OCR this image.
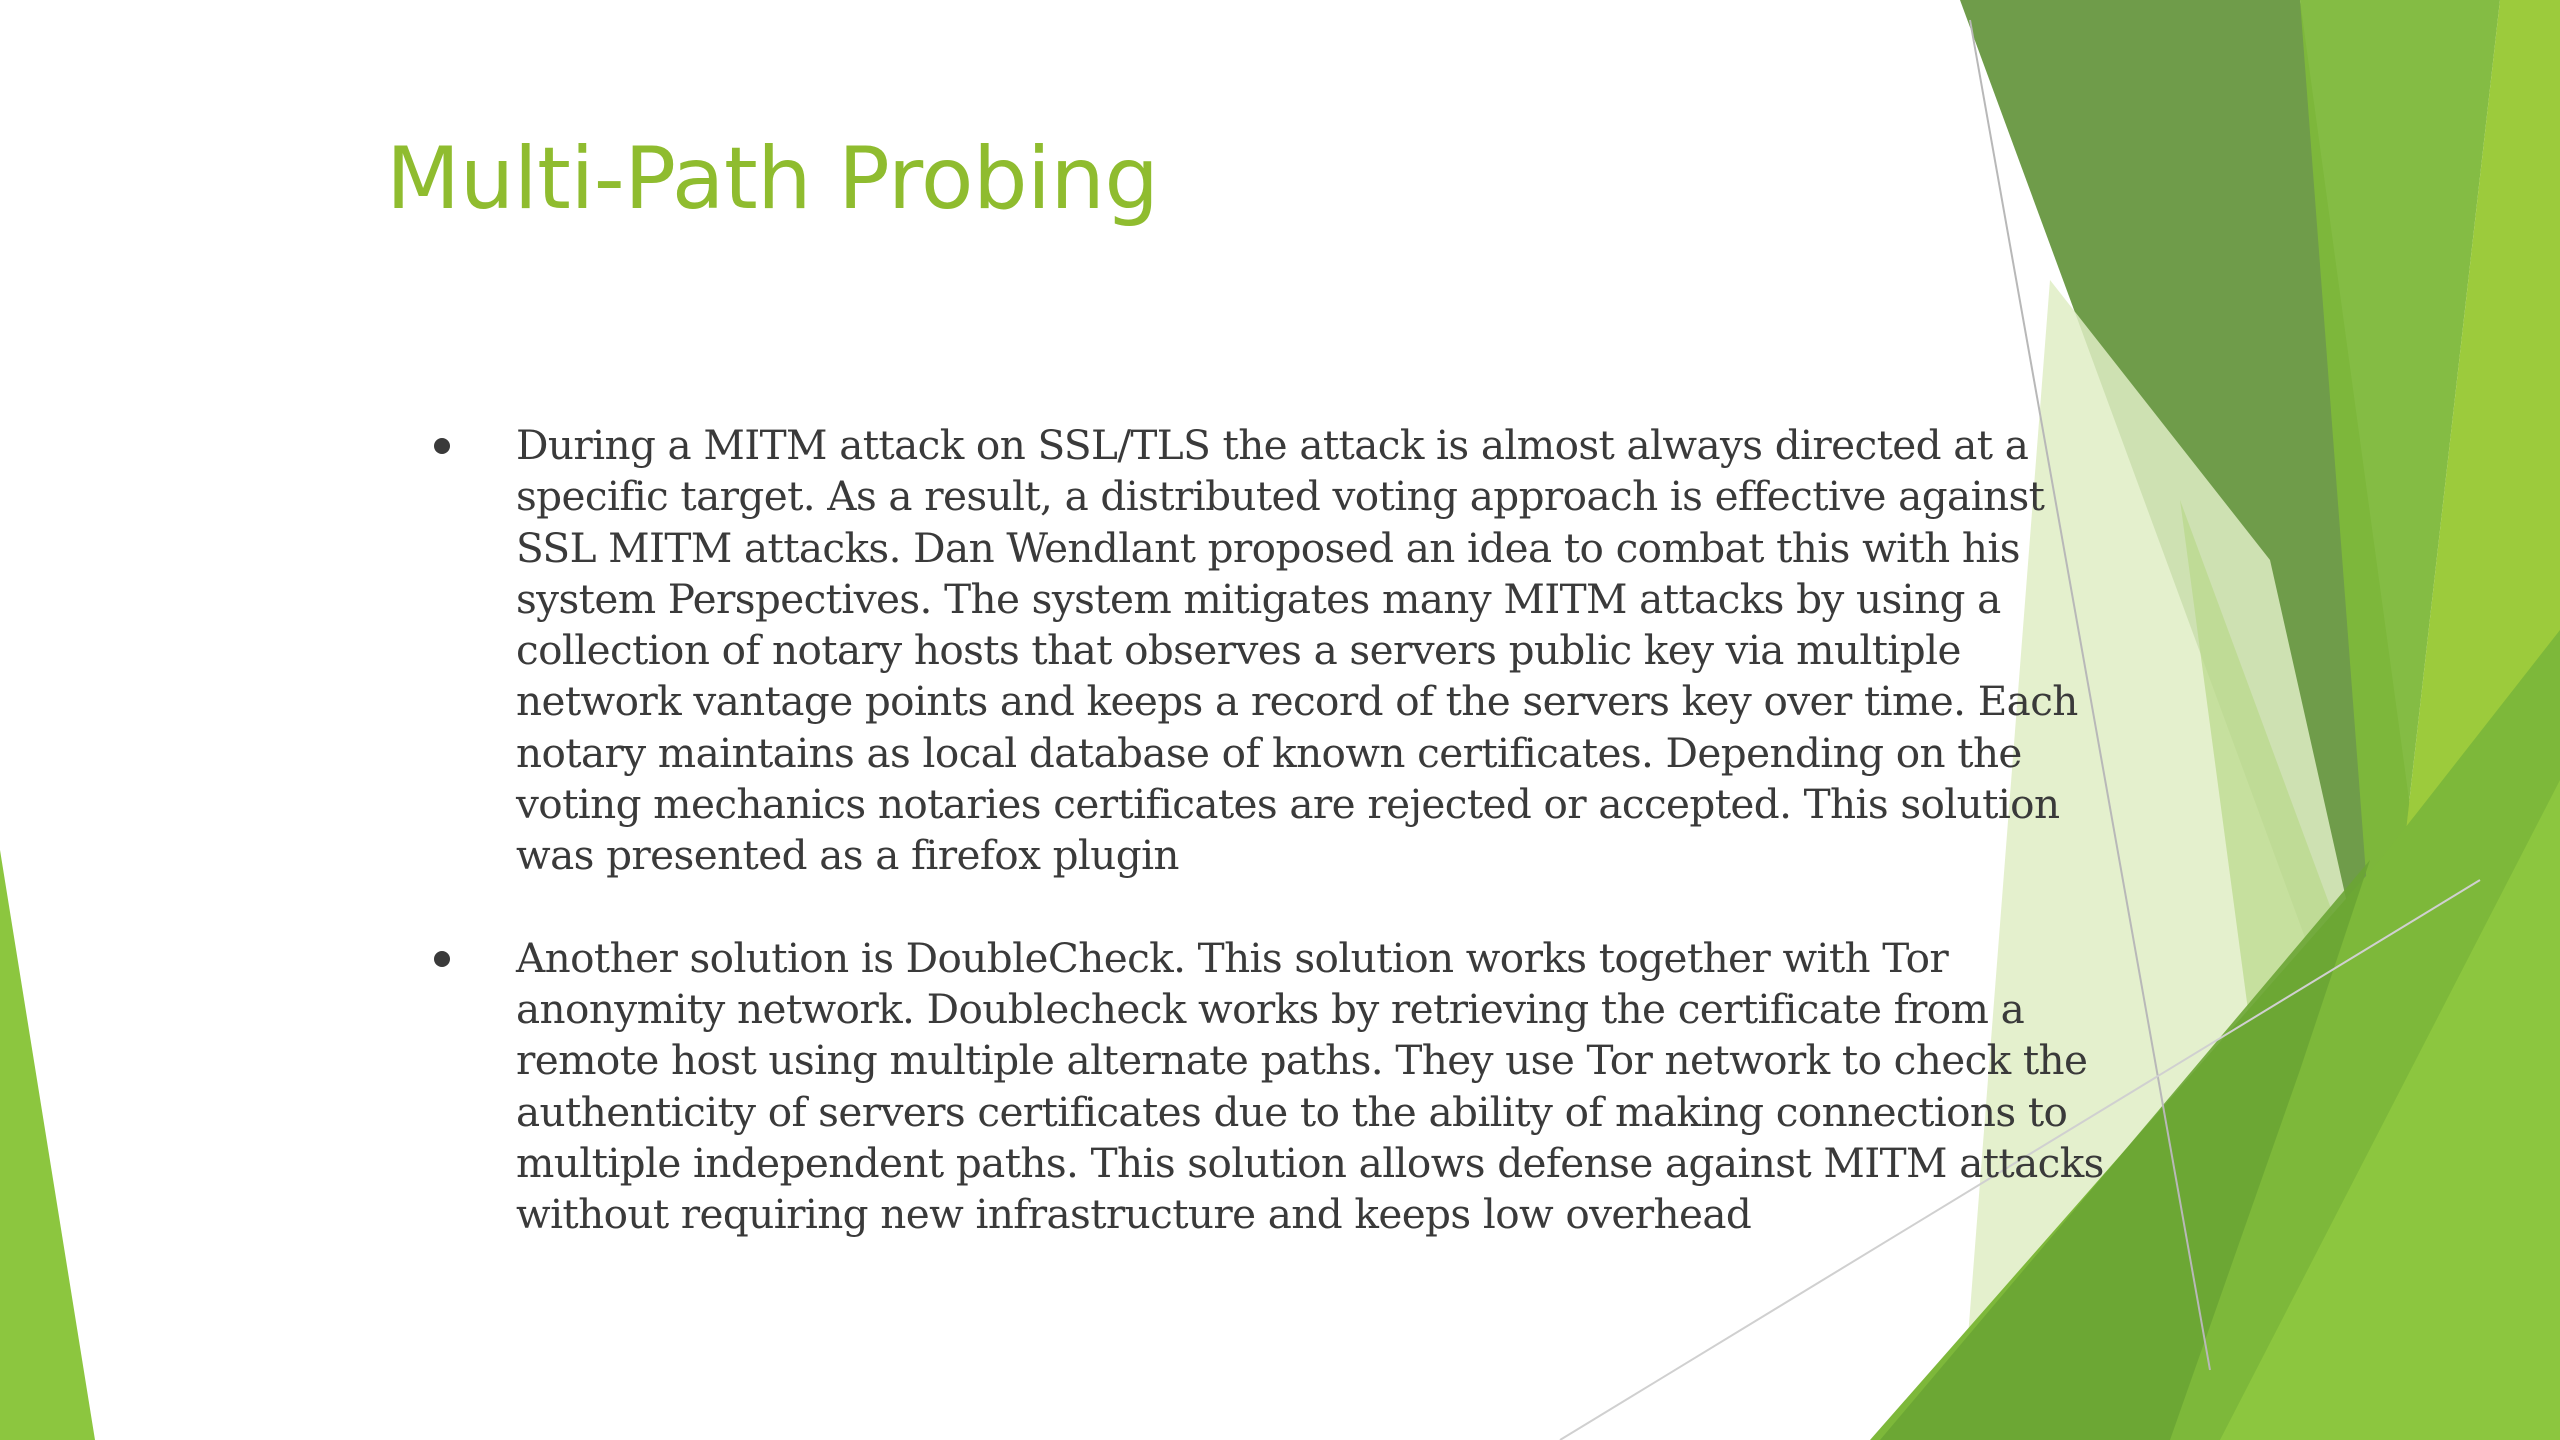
Multi-Path Probing
During a MITM attack on SSL/TLS the attack is almost always directed at a specific target. As a result, a distributed voting approach is effective against SSL MITM attacks. Dan Wendlant proposed an idea to combat this with his system Perspectives. The system mitigates many MITM attacks by using a collection of notary hosts that observes a servers public key via multiple network vantage points and keeps a record of the servers key over time. Each notary maintains as local database of known certificates. Depending on the voting mechanics notaries certificates are rejected or accepted. This solution was presented as a firefox plugin
Another solution is DoubleCheck. This solution works together with Tor anonymity network. Doublecheck works by retrieving the certificate from a remote host using multiple alternate paths. They use Tor network to check the authenticity of servers certificates due to the ability of making connections to multiple independent paths. This solution allows defense against MITM attacks without requiring new infrastructure and keeps low overhead
